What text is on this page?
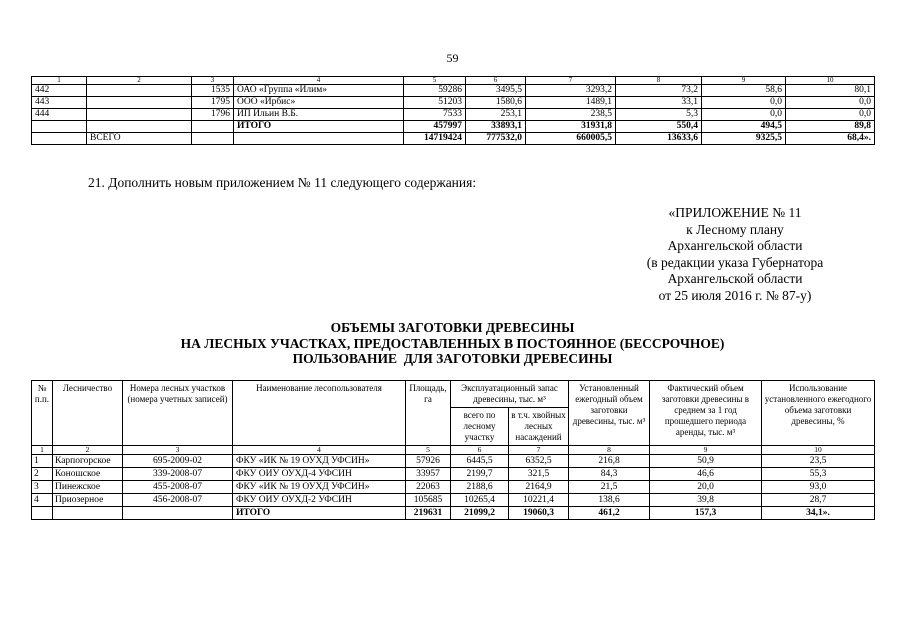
59
1	2	3	4	5	6	7	8	9	10
442		1535	ОАО «Группа «Илим»	59286	3495,5	3293,2	73,2	58,6	80,1
443		1795	ООО «Ирбис»	51203	1580,6	1489,1	33,1	0,0	0,0
444		1796	ИП Ильин В.Б.	7533	253,1	238,5	5,3	0,0	0,0
			ИТОГО	457997	33893,1	31931,8	550,4	494,5	89,8
	ВСЕГО			14719424	777532,0	660005,5	13633,6	9325,5	68,4».
21. Дополнить новым приложением № 11 следующего содержания:
«ПРИЛОЖЕНИЕ № 11
к Лесному плану
Архангельской области
(в редакции указа Губернатора
Архангельской области
от 25 июля 2016 г. № 87-у)
ОБЪЕМЫ ЗАГОТОВКИ ДРЕВЕСИНЫ
НА ЛЕСНЫХ УЧАСТКАХ, ПРЕДОСТАВЛЕННЫХ В ПОСТОЯННОЕ (БЕССРОЧНОЕ)
ПОЛЬЗОВАНИЕ  ДЛЯ ЗАГОТОВКИ ДРЕВЕСИНЫ
№ п.п.	Лесничество	Номера лесных участков (номера учетных записей)	Наименование лесопользователя	Площадь, га	Эксплуатационный запас древесины, тыс. м³		Установленный ежегодный объем заготовки древесины, тыс. м³	Фактический объем заготовки древесины в среднем за 1 год прошедшего периода аренды, тыс. м³	Использование установленного ежегодного объема заготовки древесины, %
					всего по лесному участку	в т.ч. хвойных лесных насаждений			
1	2	3	4	5	6	7	8	9	10
1	Карпогорское	695-2009-02	ФКУ «ИК № 19 ОУХД УФСИН»	57926	6445,5	6352,5	216,8	50,9	23,5
2	Коношское	339-2008-07	ФКУ ОИУ ОУХД-4 УФСИН	33957	2199,7	321,5	84,3	46,6	55,3
3	Пинежское	455-2008-07	ФКУ «ИК № 19 ОУХД УФСИН»	22063	2188,6	2164,9	21,5	20,0	93,0
4	Приозерное	456-2008-07	ФКУ ОИУ ОУХД-2 УФСИН	105685	10265,4	10221,4	138,6	39,8	28,7
			ИТОГО	219631	21099,2	19060,3	461,2	157,3	34,1».
